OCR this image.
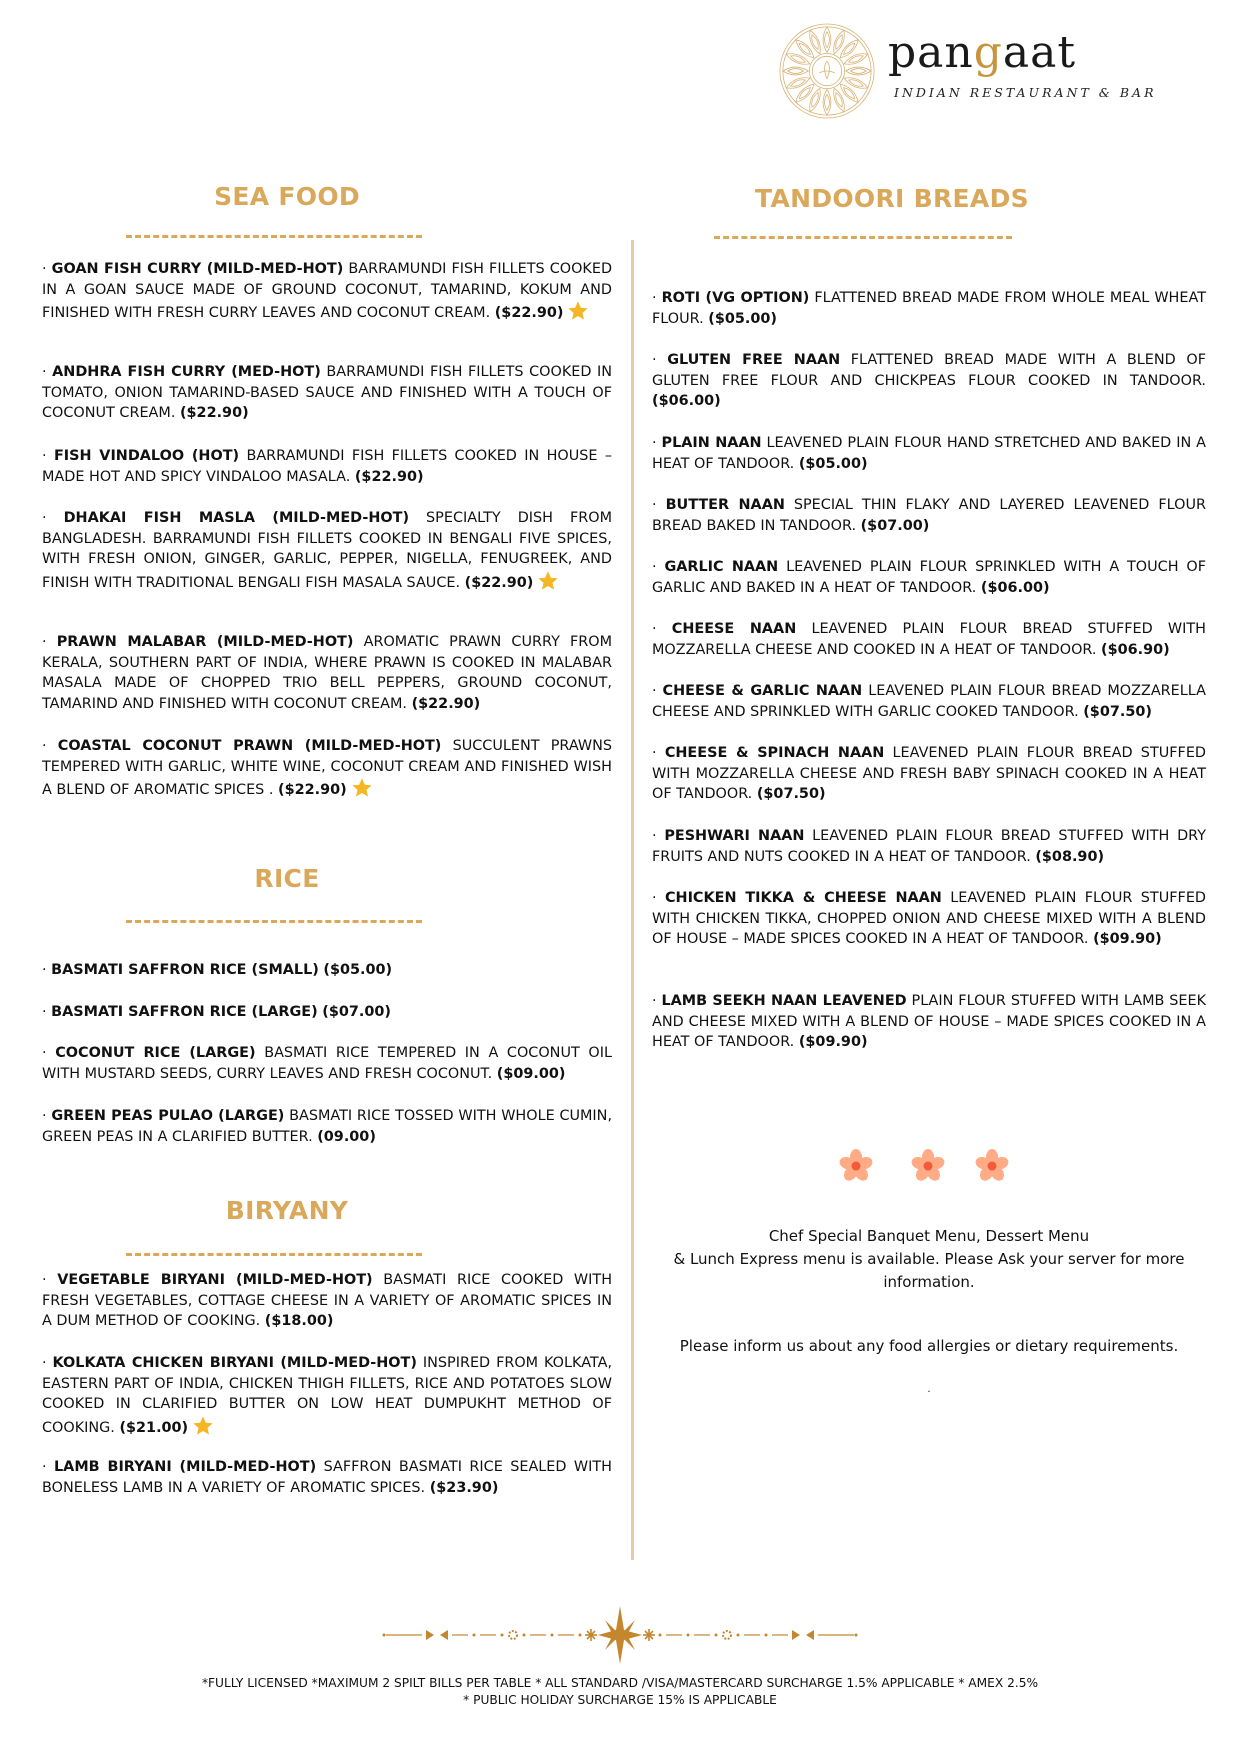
pangaat
INDIAN RESTAURANT & BAR
SEA FOOD
· GOAN FISH CURRY (MILD-MED-HOT) BARRAMUNDI FISH FILLETS COOKED IN A GOAN SAUCE MADE OF GROUND COCONUT, TAMARIND, KOKUM AND FINISHED WITH FRESH CURRY LEAVES AND COCONUT CREAM. ($22.90)
· ANDHRA FISH CURRY (MED-HOT) BARRAMUNDI FISH FILLETS COOKED IN TOMATO, ONION TAMARIND-BASED SAUCE AND FINISHED WITH A TOUCH OF COCONUT CREAM. ($22.90)
· FISH VINDALOO (HOT) BARRAMUNDI FISH FILLETS COOKED IN HOUSE – MADE HOT AND SPICY VINDALOO MASALA. ($22.90)
· DHAKAI FISH MASLA (MILD-MED-HOT) SPECIALTY DISH FROM BANGLADESH. BARRAMUNDI FISH FILLETS COOKED IN BENGALI FIVE SPICES, WITH FRESH ONION, GINGER, GARLIC, PEPPER, NIGELLA, FENUGREEK, AND FINISH WITH TRADITIONAL BENGALI FISH MASALA SAUCE. ($22.90)
· PRAWN MALABAR (MILD-MED-HOT) AROMATIC PRAWN CURRY FROM KERALA, SOUTHERN PART OF INDIA, WHERE PRAWN IS COOKED IN MALABAR MASALA MADE OF CHOPPED TRIO BELL PEPPERS, GROUND COCONUT, TAMARIND AND FINISHED WITH COCONUT CREAM. ($22.90)
· COASTAL COCONUT PRAWN (MILD-MED-HOT) SUCCULENT PRAWNS TEMPERED WITH GARLIC, WHITE WINE, COCONUT CREAM AND FINISHED WISH A BLEND OF AROMATIC SPICES . ($22.90)
RICE
· BASMATI SAFFRON RICE (SMALL) ($05.00)
· BASMATI SAFFRON RICE (LARGE) ($07.00)
· COCONUT RICE (LARGE) BASMATI RICE TEMPERED IN A COCONUT OIL WITH MUSTARD SEEDS, CURRY LEAVES AND FRESH COCONUT. ($09.00)
· GREEN PEAS PULAO (LARGE) BASMATI RICE TOSSED WITH WHOLE CUMIN, GREEN PEAS IN A CLARIFIED BUTTER. (09.00)
BIRYANY
· VEGETABLE BIRYANI (MILD-MED-HOT) BASMATI RICE COOKED WITH FRESH VEGETABLES, COTTAGE CHEESE IN A VARIETY OF AROMATIC SPICES IN A DUM METHOD OF COOKING. ($18.00)
· KOLKATA CHICKEN BIRYANI (MILD-MED-HOT) INSPIRED FROM KOLKATA, EASTERN PART OF INDIA, CHICKEN THIGH FILLETS, RICE AND POTATOES SLOW COOKED IN CLARIFIED BUTTER ON LOW HEAT DUMPUKHT METHOD OF COOKING. ($21.00)
· LAMB BIRYANI (MILD-MED-HOT) SAFFRON BASMATI RICE SEALED WITH BONELESS LAMB IN A VARIETY OF AROMATIC SPICES. ($23.90)
TANDOORI BREADS
· ROTI (VG OPTION) FLATTENED BREAD MADE FROM WHOLE MEAL WHEAT FLOUR. ($05.00)
· GLUTEN FREE NAAN FLATTENED BREAD MADE WITH A BLEND OF GLUTEN FREE FLOUR AND CHICKPEAS FLOUR COOKED IN TANDOOR. ($06.00)
· PLAIN NAAN LEAVENED PLAIN FLOUR HAND STRETCHED AND BAKED IN A HEAT OF TANDOOR. ($05.00)
· BUTTER NAAN SPECIAL THIN FLAKY AND LAYERED LEAVENED FLOUR BREAD BAKED IN TANDOOR. ($07.00)
· GARLIC NAAN LEAVENED PLAIN FLOUR SPRINKLED WITH A TOUCH OF GARLIC AND BAKED IN A HEAT OF TANDOOR. ($06.00)
· CHEESE NAAN LEAVENED PLAIN FLOUR BREAD STUFFED WITH MOZZARELLA CHEESE AND COOKED IN A HEAT OF TANDOOR. ($06.90)
· CHEESE & GARLIC NAAN LEAVENED PLAIN FLOUR BREAD MOZZARELLA CHEESE AND SPRINKLED WITH GARLIC COOKED TANDOOR. ($07.50)
· CHEESE & SPINACH NAAN LEAVENED PLAIN FLOUR BREAD STUFFED WITH MOZZARELLA CHEESE AND FRESH BABY SPINACH COOKED IN A HEAT OF TANDOOR. ($07.50)
· PESHWARI NAAN LEAVENED PLAIN FLOUR BREAD STUFFED WITH DRY FRUITS AND NUTS COOKED IN A HEAT OF TANDOOR. ($08.90)
· CHICKEN TIKKA & CHEESE NAAN LEAVENED PLAIN FLOUR STUFFED WITH CHICKEN TIKKA, CHOPPED ONION AND CHEESE MIXED WITH A BLEND OF HOUSE – MADE SPICES COOKED IN A HEAT OF TANDOOR. ($09.90)
· LAMB SEEKH NAAN LEAVENED PLAIN FLOUR STUFFED WITH LAMB SEEK AND CHEESE MIXED WITH A BLEND OF HOUSE – MADE SPICES COOKED IN A HEAT OF TANDOOR. ($09.90)
Chef Special Banquet Menu, Dessert Menu
& Lunch Express menu is available. Please Ask your server for more information.
Please inform us about any food allergies or dietary requirements.
.
*FULLY LICENSED *MAXIMUM 2 SPILT BILLS PER TABLE * ALL STANDARD /VISA/MASTERCARD SURCHARGE 1.5% APPLICABLE * AMEX 2.5%
* PUBLIC HOLIDAY SURCHARGE 15% IS APPLICABLE
